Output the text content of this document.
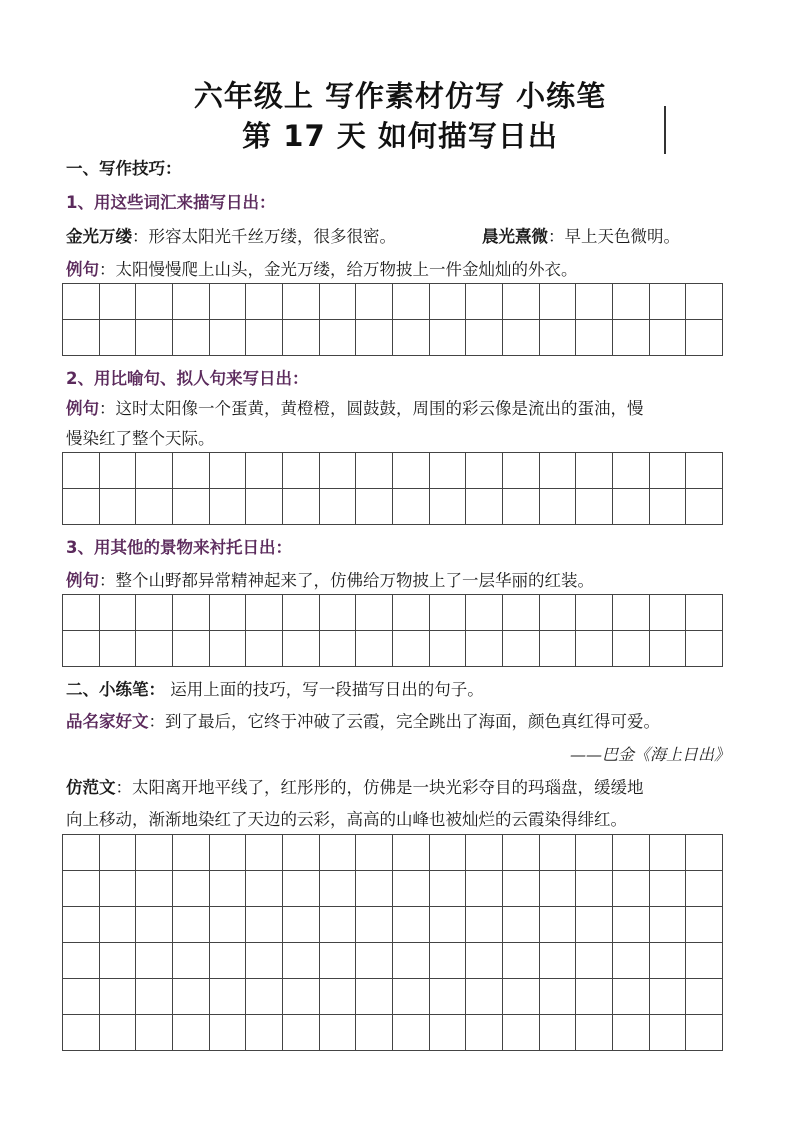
六年级上 写作素材仿写 小练笔
第 17 天 如何描写日出
一、写作技巧：
1、用这些词汇来描写日出：
金光万缕：形容太阳光千丝万缕，很多很密。	晨光熹微：早上天色微明。
例句：太阳慢慢爬上山头，金光万缕，给万物披上一件金灿灿的外衣。
2、用比喻句、拟人句来写日出：
例句：这时太阳像一个蛋黄，黄橙橙，圆鼓鼓，周围的彩云像是流出的蛋油，慢
慢染红了整个天际。
3、用其他的景物来衬托日出：
例句：整个山野都异常精神起来了，仿佛给万物披上了一层华丽的红装。
二、小练笔： 运用上面的技巧，写一段描写日出的句子。
品名家好文：到了最后，它终于冲破了云霞，完全跳出了海面，颜色真红得可爱。
——巴金《海上日出》
仿范文：太阳离开地平线了，红彤彤的，仿佛是一块光彩夺目的玛瑙盘，缓缓地
向上移动，渐渐地染红了天边的云彩，高高的山峰也被灿烂的云霞染得绯红。
